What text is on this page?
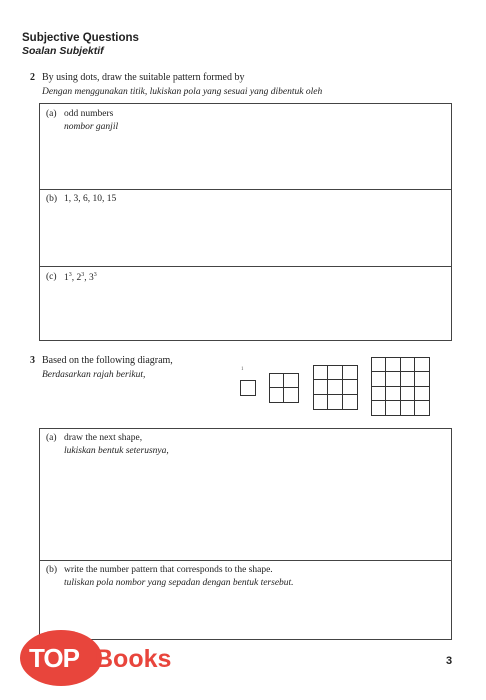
Subjective Questions
Soalan Subjektif
2 By using dots, draw the suitable pattern formed by
Dengan menggunakan titik, lukiskan pola yang sesuai yang dibentuk oleh
(a) odd numbers
nombor ganjil
(b) 1, 3, 6, 10, 15
(c) $1^3$, $2^3$, $3^3$
3 Based on the following diagram,
Berdasarkan rajah berikut,
1
(a) draw the next shape,
lukiskan bentuk seterusnya,
(b) write the number pattern that corresponds to the shape.
tuliskan pola nombor yang sepadan dengan bentuk tersebut.
TOP Books	3
